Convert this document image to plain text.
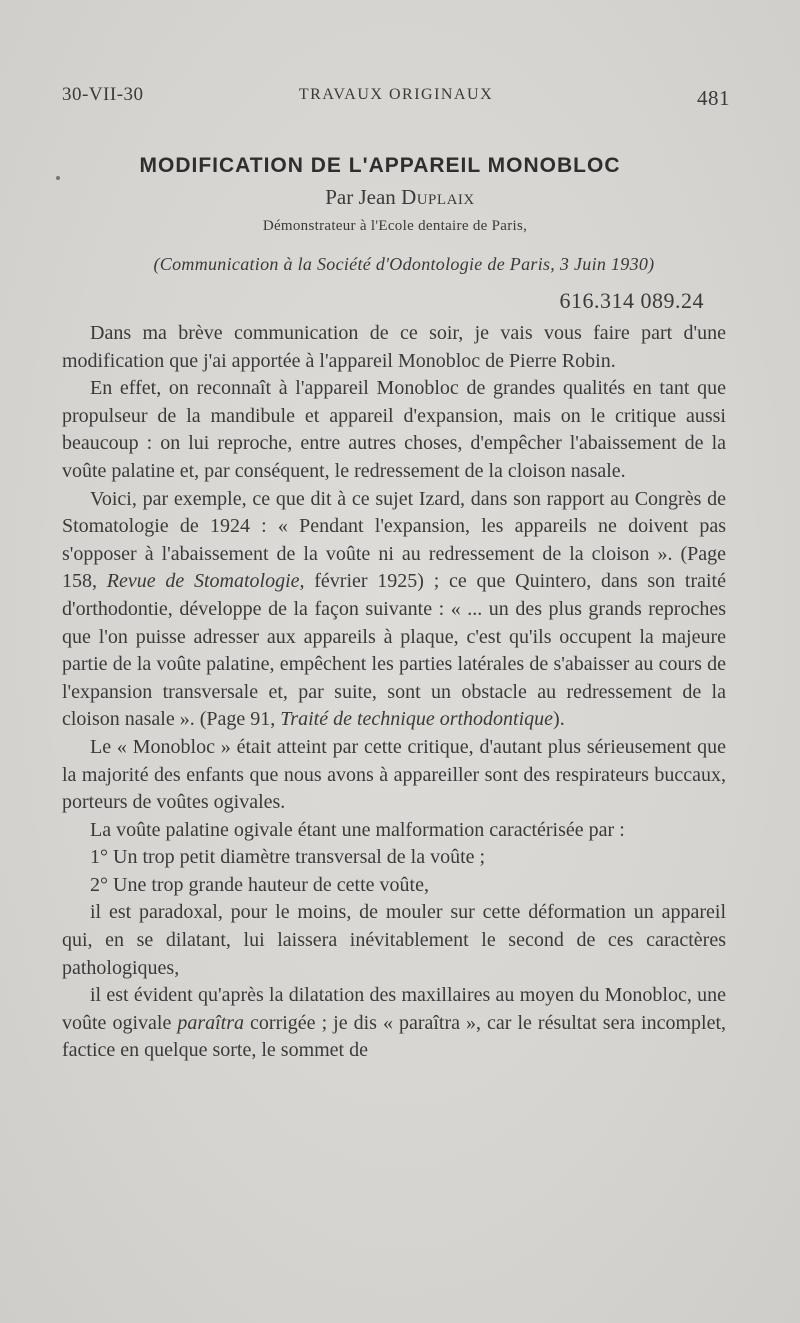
30-VII-30	TRAVAUX ORIGINAUX	481
MODIFICATION DE L'APPAREIL MONOBLOC
Par Jean Duplaix
Démonstrateur à l'Ecole dentaire de Paris,
(Communication à la Société d'Odontologie de Paris, 3 Juin 1930)
616.314 089.24

Dans ma brève communication de ce soir, je vais vous faire part d'une modification que j'ai apportée à l'appareil Monobloc de Pierre Robin.

En effet, on reconnaît à l'appareil Monobloc de grandes qualités en tant que propulseur de la mandibule et appareil d'expansion, mais on le critique aussi beaucoup : on lui reproche, entre autres choses, d'empêcher l'abaissement de la voûte palatine et, par conséquent, le redressement de la cloison nasale.

Voici, par exemple, ce que dit à ce sujet Izard, dans son rapport au Congrès de Stomatologie de 1924 : « Pendant l'expansion, les appareils ne doivent pas s'opposer à l'abaissement de la voûte ni au redressement de la cloison ». (Page 158, Revue de Stomatologie, février 1925) ; ce que Quintero, dans son traité d'orthodontie, développe de la façon suivante : « ... un des plus grands reproches que l'on puisse adresser aux appareils à plaque, c'est qu'ils occupent la majeure partie de la voûte palatine, empêchent les parties latérales de s'abaisser au cours de l'expansion transversale et, par suite, sont un obstacle au redressement de la cloison nasale ». (Page 91, Traité de technique orthodontique).

Le « Monobloc » était atteint par cette critique, d'autant plus sérieusement que la majorité des enfants que nous avons à appareiller sont des respirateurs buccaux, porteurs de voûtes ogivales.

La voûte palatine ogivale étant une malformation caractérisée par :

1° Un trop petit diamètre transversal de la voûte ;

2° Une trop grande hauteur de cette voûte,

il est paradoxal, pour le moins, de mouler sur cette déformation un appareil qui, en se dilatant, lui laissera inévitablement le second de ces caractères pathologiques,

il est évident qu'après la dilatation des maxillaires au moyen du Monobloc, une voûte ogivale paraîtra corrigée ; je dis « paraîtra », car le résultat sera incomplet, factice en quelque sorte, le sommet de
